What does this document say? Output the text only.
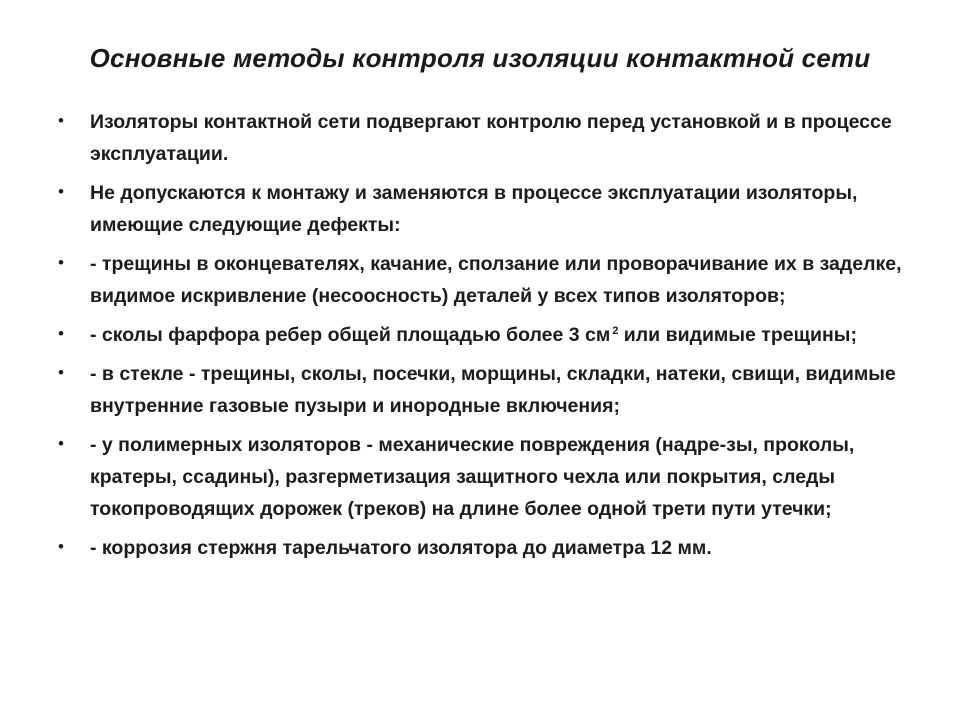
Основные методы контроля изоляции контактной сети
•	Изоляторы контактной сети подвергают контролю перед установкой и в процессе эксплуатации.
•	Не допускаются к монтажу и заменяются в процессе эксплуатации изоляторы, имеющие следующие дефекты:
•	- трещины в оконцевателях, качание, сползание или проворачивание их в заделке, видимое искривление (несоосность) деталей у всех типов изоляторов;
•	- сколы фарфора ребер общей площадью более 3 см $^2$ или видимые трещины;
•	- в стекле - трещины, сколы, посечки, морщины, складки, натеки, свищи, видимые внутренние газовые пузыри и инородные включения;
•	- у полимерных изоляторов - механические повреждения (надре-зы, проколы, кратеры, ссадины), разгерметизация защитного чехла или покрытия, следы токопроводящих дорожек (треков) на длине более одной трети пути утечки;
•	- коррозия стержня тарельчатого изолятора до диаметра 12 мм.
